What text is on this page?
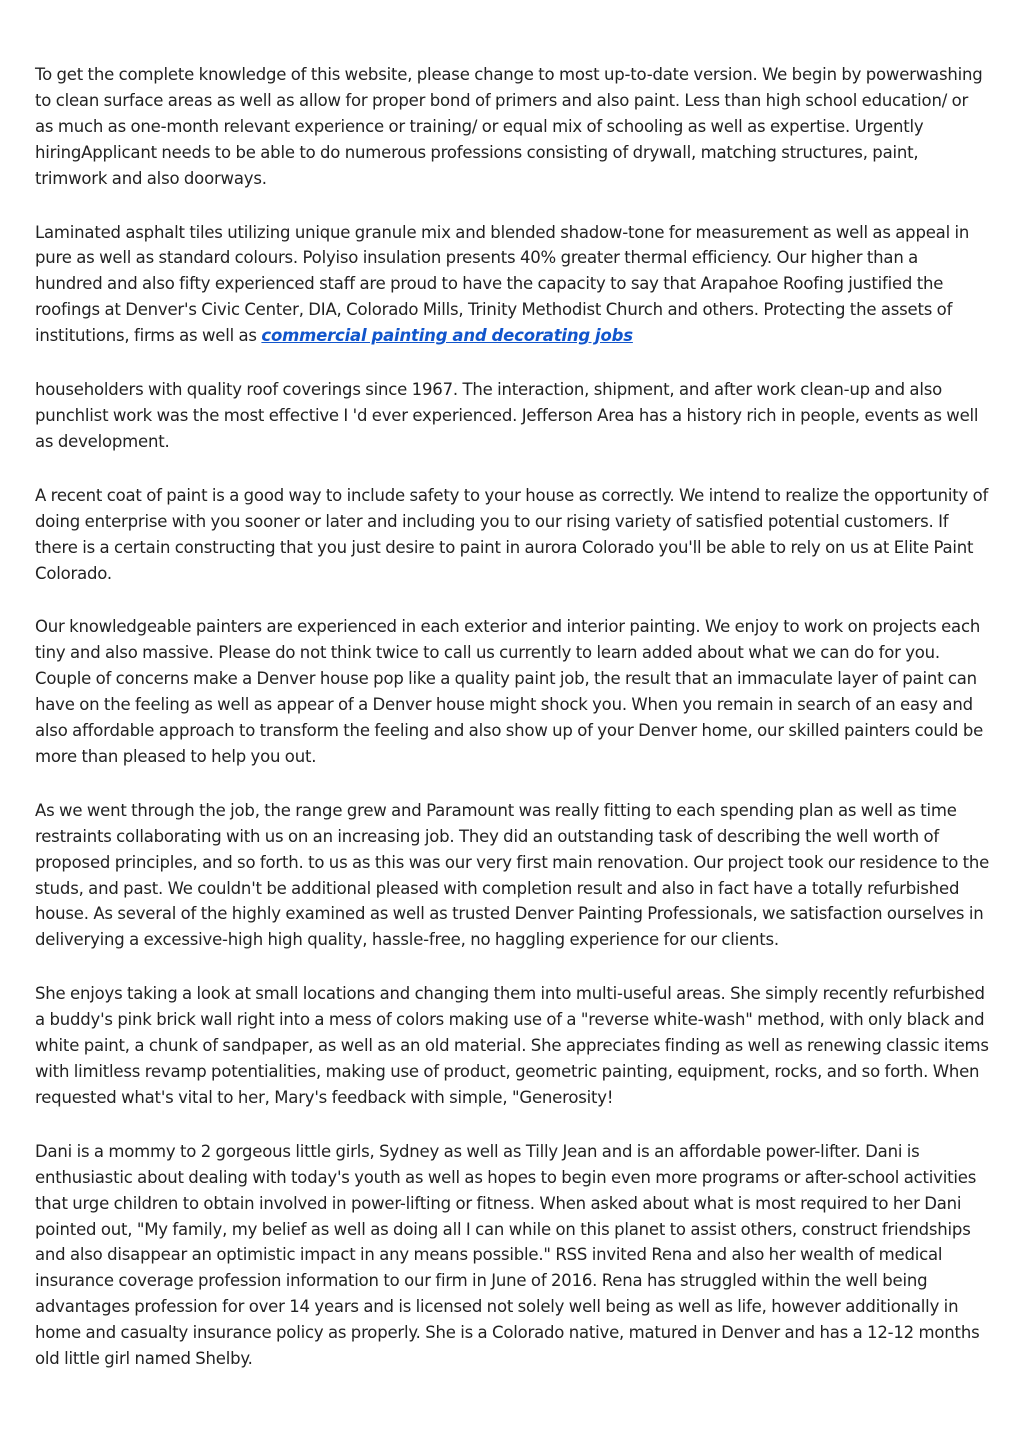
To get the complete knowledge of this website, please change to most up-to-date version. We begin by powerwashing to clean surface areas as well as allow for proper bond of primers and also paint. Less than high school education/ or as much as one-month relevant experience or training/ or equal mix of schooling as well as expertise. Urgently hiringApplicant needs to be able to do numerous professions consisting of drywall, matching structures, paint, trimwork and also doorways.

Laminated asphalt tiles utilizing unique granule mix and blended shadow-tone for measurement as well as appeal in pure as well as standard colours. Polyiso insulation presents 40% greater thermal efficiency. Our higher than a hundred and also fifty experienced staff are proud to have the capacity to say that Arapahoe Roofing justified the roofings at Denver's Civic Center, DIA, Colorado Mills, Trinity Methodist Church and others. Protecting the assets of institutions, firms as well as commercial painting and decorating jobs

householders with quality roof coverings since 1967. The interaction, shipment, and after work clean-up and also punchlist work was the most effective I 'd ever experienced. Jefferson Area has a history rich in people, events as well as development.

A recent coat of paint is a good way to include safety to your house as correctly. We intend to realize the opportunity of doing enterprise with you sooner or later and including you to our rising variety of satisfied potential customers. If there is a certain constructing that you just desire to paint in aurora Colorado you'll be able to rely on us at Elite Paint Colorado.

Our knowledgeable painters are experienced in each exterior and interior painting. We enjoy to work on projects each tiny and also massive. Please do not think twice to call us currently to learn added about what we can do for you. Couple of concerns make a Denver house pop like a quality paint job, the result that an immaculate layer of paint can have on the feeling as well as appear of a Denver house might shock you. When you remain in search of an easy and also affordable approach to transform the feeling and also show up of your Denver home, our skilled painters could be more than pleased to help you out.

As we went through the job, the range grew and Paramount was really fitting to each spending plan as well as time restraints collaborating with us on an increasing job. They did an outstanding task of describing the well worth of proposed principles, and so forth. to us as this was our very first main renovation. Our project took our residence to the studs, and past. We couldn't be additional pleased with completion result and also in fact have a totally refurbished house. As several of the highly examined as well as trusted Denver Painting Professionals, we satisfaction ourselves in deliverying a excessive-high high quality, hassle-free, no haggling experience for our clients.

She enjoys taking a look at small locations and changing them into multi-useful areas. She simply recently refurbished a buddy's pink brick wall right into a mess of colors making use of a "reverse white-wash" method, with only black and white paint, a chunk of sandpaper, as well as an old material. She appreciates finding as well as renewing classic items with limitless revamp potentialities, making use of product, geometric painting, equipment, rocks, and so forth. When requested what's vital to her, Mary's feedback with simple, "Generosity!

Dani is a mommy to 2 gorgeous little girls, Sydney as well as Tilly Jean and is an affordable power-lifter. Dani is enthusiastic about dealing with today's youth as well as hopes to begin even more programs or after-school activities that urge children to obtain involved in power-lifting or fitness. When asked about what is most required to her Dani pointed out, "My family, my belief as well as doing all I can while on this planet to assist others, construct friendships and also disappear an optimistic impact in any means possible." RSS invited Rena and also her wealth of medical insurance coverage profession information to our firm in June of 2016. Rena has struggled within the well being advantages profession for over 14 years and is licensed not solely well being as well as life, however additionally in home and casualty insurance policy as properly. She is a Colorado native, matured in Denver and has a 12-12 months old little girl named Shelby.
